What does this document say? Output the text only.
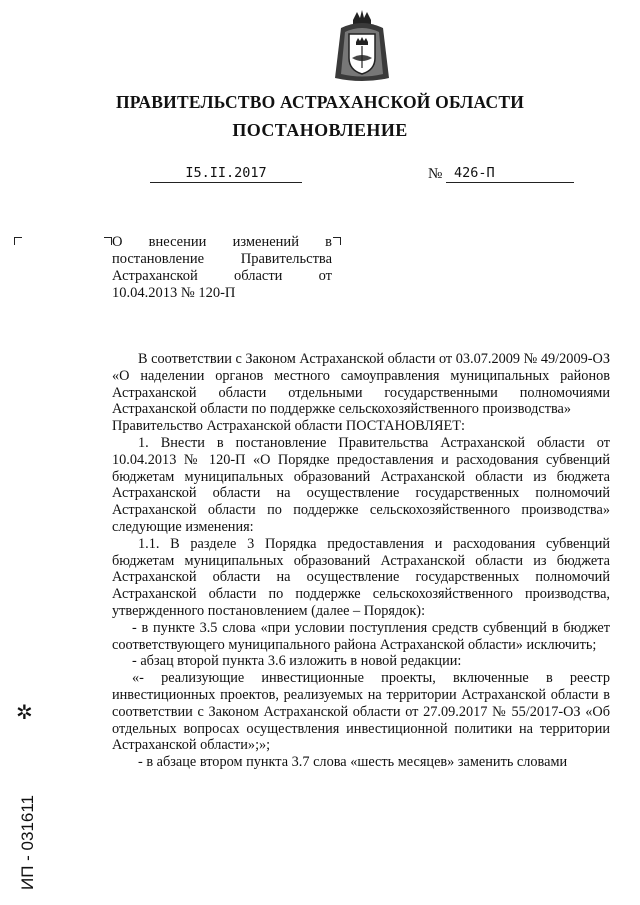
ПРАВИТЕЛЬСТВО АСТРАХАНСКОЙ ОБЛАСТИ
ПОСТАНОВЛЕНИЕ
I5.II.2017	№ 426-П
О внесении изменений в постановление Правительства Астраханской области от 10.04.2013 № 120-П

В соответствии с Законом Астраханской области от 03.07.2009 № 49/2009-ОЗ «О наделении органов местного самоуправления муниципальных районов Астраханской области отдельными государственными полномочиями Астраханской области по поддержке сельскохозяйственного производства»

Правительство Астраханской области ПОСТАНОВЛЯЕТ:

1. Внести в постановление Правительства Астраханской области от 10.04.2013 № 120-П «О Порядке предоставления и расходования субвенций бюджетам муниципальных образований Астраханской области из бюджета Астраханской области на осуществление государственных полномочий Астраханской области по поддержке сельскохозяйственного производства» следующие изменения:

1.1. В разделе 3 Порядка предоставления и расходования субвенций бюджетам муниципальных образований Астраханской области из бюджета Астраханской области на осуществление государственных полномочий Астраханской области по поддержке сельскохозяйственного производства, утвержденного постановлением (далее – Порядок):

- в пункте 3.5 слова «при условии поступления средств субвенций в бюджет соответствующего муниципального района Астраханской области» исключить;

- абзац второй пункта 3.6 изложить в новой редакции:

«- реализующие инвестиционные проекты, включенные в реестр инвестиционных проектов, реализуемых на территории Астраханской области в соответствии с Законом Астраханской области от 27.09.2017 № 55/2017-ОЗ «Об отдельных вопросах осуществления инвестиционной политики на территории Астраханской области»;»;

- в абзаце втором пункта 3.7 слова «шесть месяцев» заменить словами

✲
ИП - 031611
